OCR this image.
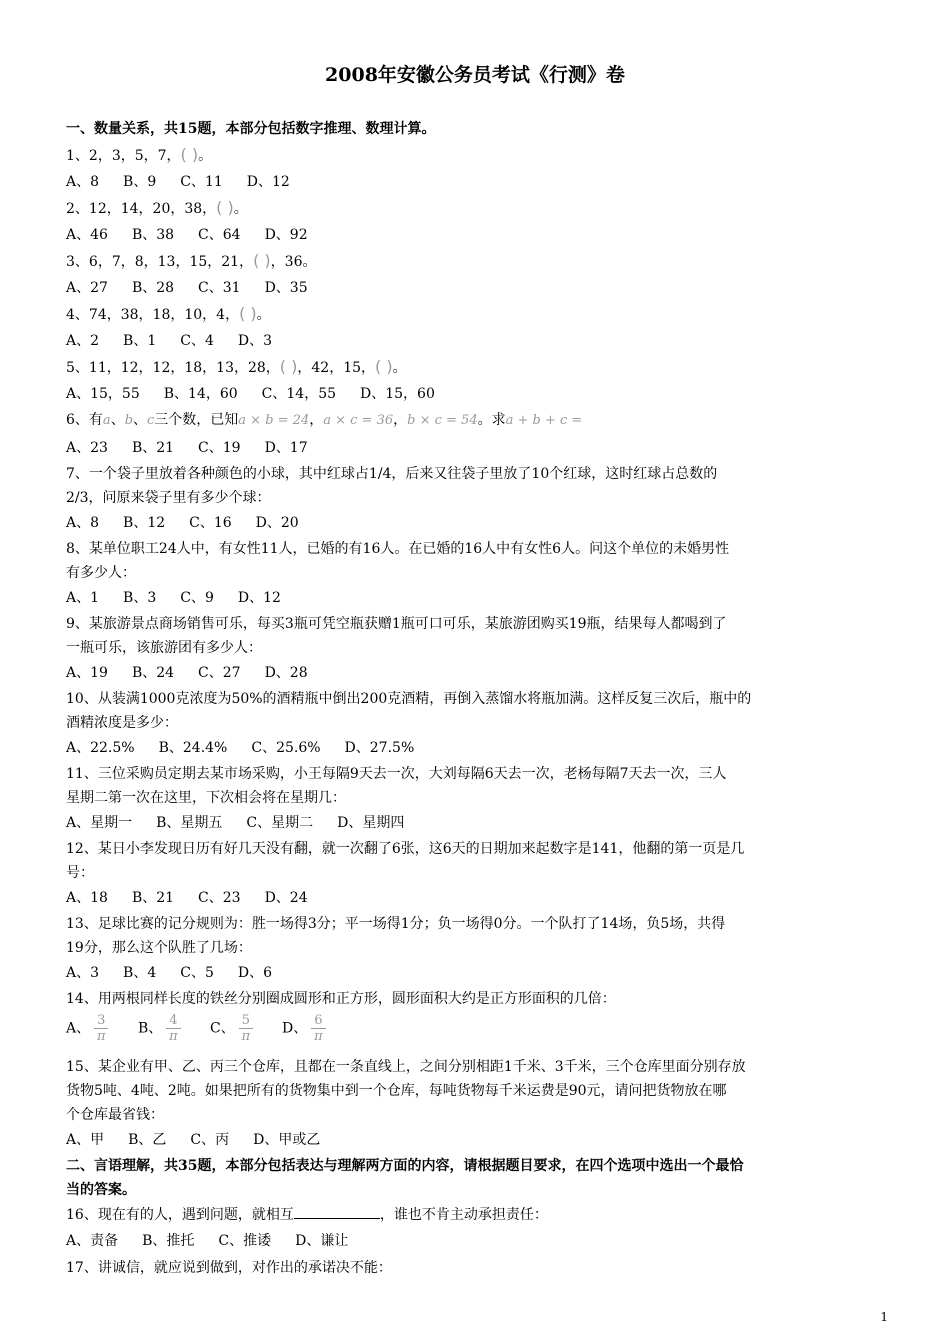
2008年安徽公务员考试《行测》卷
一、数量关系，共15题，本部分包括数字推理、数理计算。
1、2，3，5，7，( )。
A、8 B、9 C、11 D、12
2、12，14，20，38，( )。
A、46 B、38 C、64 D、92
3、6，7，8，13，15，21，( )，36。
A、27 B、28 C、31 D、35
4、74，38，18，10，4，( )。
A、2 B、1 C、4 D、3
5、11，12，12，18，13，28，( )，42，15，( )。
A、15，55 B、14，60 C、14，55 D、15，60
6、有a、b、c三个数，已知a × b = 24，a × c = 36，b × c = 54。求a + b + c =
A、23 B、21 C、19 D、17
7、一个袋子里放着各种颜色的小球，其中红球占1/4，后来又往袋子里放了10个红球，这时红球占总数的
2/3，问原来袋子里有多少个球：
A、8 B、12 C、16 D、20
8、某单位职工24人中，有女性11人，已婚的有16人。在已婚的16人中有女性6人。问这个单位的未婚男性
有多少人：
A、1 B、3 C、9 D、12
9、某旅游景点商场销售可乐，每买3瓶可凭空瓶获赠1瓶可口可乐，某旅游团购买19瓶，结果每人都喝到了
一瓶可乐，该旅游团有多少人：
A、19 B、24 C、27 D、28
10、从装满1000克浓度为50%的酒精瓶中倒出200克酒精，再倒入蒸馏水将瓶加满。这样反复三次后，瓶中的
酒精浓度是多少：
A、22.5% B、24.4% C、25.6% D、27.5%
11、三位采购员定期去某市场采购，小王每隔9天去一次，大刘每隔6天去一次，老杨每隔7天去一次，三人
星期二第一次在这里，下次相会将在星期几：
A、星期一 B、星期五 C、星期二 D、星期四
12、某日小李发现日历有好几天没有翻，就一次翻了6张，这6天的日期加来起数字是141，他翻的第一页是几
号：
A、18 B、21 C、23 D、24
13、足球比赛的记分规则为：胜一场得3分；平一场得1分；负一场得0分。一个队打了14场，负5场，共得
19分，那么这个队胜了几场：
A、3 B、4 C、5 D、6
14、用两根同样长度的铁丝分别圈成圆形和正方形，圆形面积大约是正方形面积的几倍：
A、 $\frac{3}{\pi}$ B、 $\frac{4}{\pi}$ C、 $\frac{5}{\pi}$ D、 $\frac{6}{\pi}$
15、某企业有甲、乙、丙三个仓库，且都在一条直线上，之间分别相距1千米、3千米，三个仓库里面分别存放
货物5吨、4吨、2吨。如果把所有的货物集中到一个仓库，每吨货物每千米运费是90元，请问把货物放在哪
个仓库最省钱：
A、甲 B、乙 C、丙 D、甲或乙
二、言语理解，共35题，本部分包括表达与理解两方面的内容，请根据题目要求，在四个选项中选出一个最恰
当的答案。
16、现在有的人，遇到问题，就相互	，谁也不肯主动承担责任：
A、责备 B、推托 C、推诿 D、谦让
17、讲诚信，就应说到做到，对作出的承诺决不能：
1
